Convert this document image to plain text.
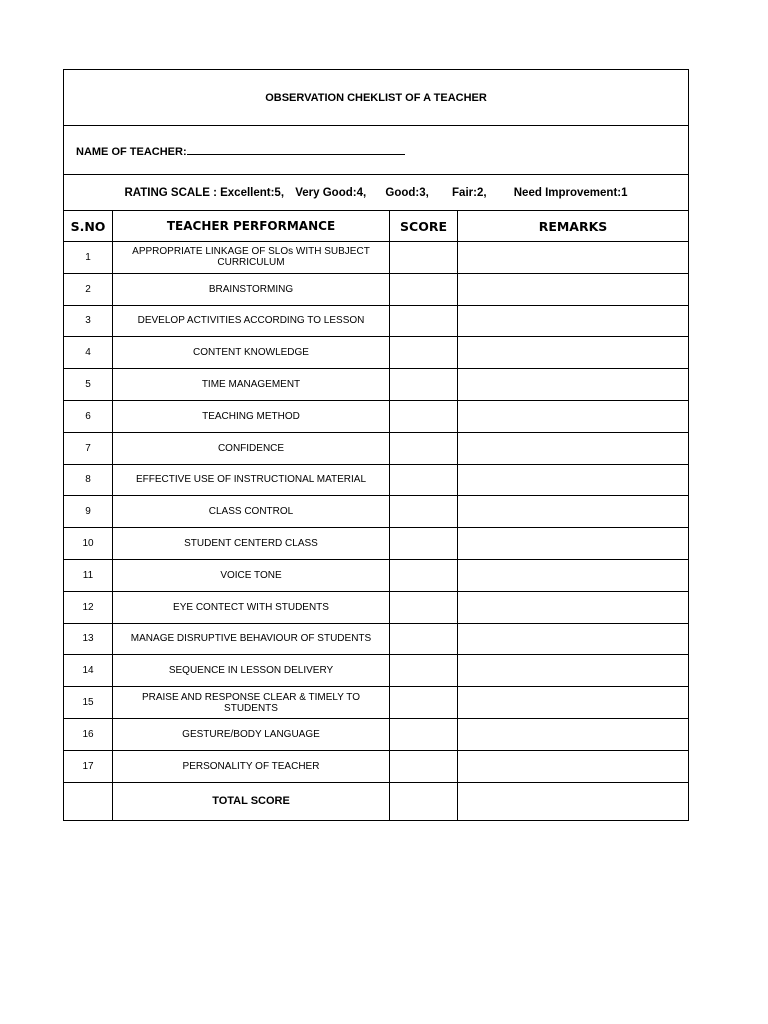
OBSERVATION CHEKLIST OF A TEACHER			
NAME OF TEACHER:			
RATING SCALE : Excellent:5, Very Good:4, Good:3, Fair:2, Need Improvement:1			
S.NO	TEACHER PERFORMANCE	SCORE	REMARKS
1	APPROPRIATE LINKAGE OF SLOs WITH SUBJECT CURRICULUM		
2	BRAINSTORMING		
3	DEVELOP ACTIVITIES ACCORDING TO LESSON		
4	CONTENT KNOWLEDGE		
5	TIME MANAGEMENT		
6	TEACHING METHOD		
7	CONFIDENCE		
8	EFFECTIVE USE OF INSTRUCTIONAL MATERIAL		
9	CLASS CONTROL		
10	STUDENT CENTERD CLASS		
11	VOICE TONE		
12	EYE CONTECT WITH STUDENTS		
13	MANAGE DISRUPTIVE BEHAVIOUR OF STUDENTS		
14	SEQUENCE IN LESSON DELIVERY		
15	PRAISE AND RESPONSE CLEAR & TIMELY TO STUDENTS		
16	GESTURE/BODY LANGUAGE		
17	PERSONALITY OF TEACHER		
	TOTAL SCORE		
